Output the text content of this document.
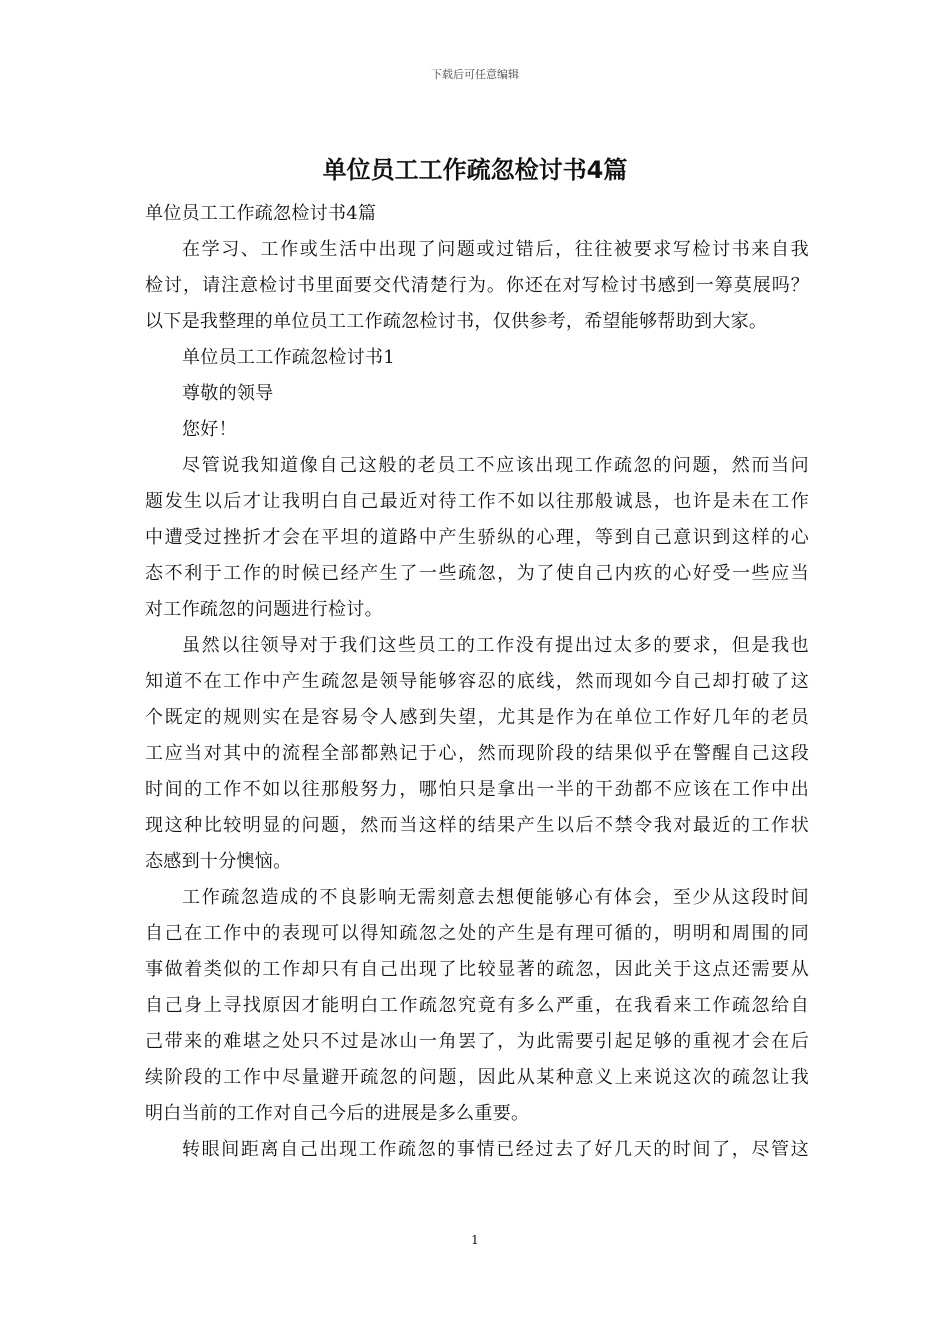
下载后可任意编辑
单位员工工作疏忽检讨书4篇
单位员工工作疏忽检讨书4篇
在学习、工作或生活中出现了问题或过错后，往往被要求写检讨书来自我
检讨，请注意检讨书里面要交代清楚行为。你还在对写检讨书感到一筹莫展吗？
以下是我整理的单位员工工作疏忽检讨书，仅供参考，希望能够帮助到大家。
单位员工工作疏忽检讨书1
尊敬的领导
您好！
尽管说我知道像自己这般的老员工不应该出现工作疏忽的问题，然而当问
题发生以后才让我明白自己最近对待工作不如以往那般诚恳，也许是未在工作
中遭受过挫折才会在平坦的道路中产生骄纵的心理，等到自己意识到这样的心
态不利于工作的时候已经产生了一些疏忽，为了使自己内疚的心好受一些应当
对工作疏忽的问题进行检讨。
虽然以往领导对于我们这些员工的工作没有提出过太多的要求，但是我也
知道不在工作中产生疏忽是领导能够容忍的底线，然而现如今自己却打破了这
个既定的规则实在是容易令人感到失望，尤其是作为在单位工作好几年的老员
工应当对其中的流程全部都熟记于心，然而现阶段的结果似乎在警醒自己这段
时间的工作不如以往那般努力，哪怕只是拿出一半的干劲都不应该在工作中出
现这种比较明显的问题，然而当这样的结果产生以后不禁令我对最近的工作状
态感到十分懊恼。
工作疏忽造成的不良影响无需刻意去想便能够心有体会，至少从这段时间
自己在工作中的表现可以得知疏忽之处的产生是有理可循的，明明和周围的同
事做着类似的工作却只有自己出现了比较显著的疏忽，因此关于这点还需要从
自己身上寻找原因才能明白工作疏忽究竟有多么严重，在我看来工作疏忽给自
己带来的难堪之处只不过是冰山一角罢了，为此需要引起足够的重视才会在后
续阶段的工作中尽量避开疏忽的问题，因此从某种意义上来说这次的疏忽让我
明白当前的工作对自己今后的进展是多么重要。
转眼间距离自己出现工作疏忽的事情已经过去了好几天的时间了，尽管这
1
